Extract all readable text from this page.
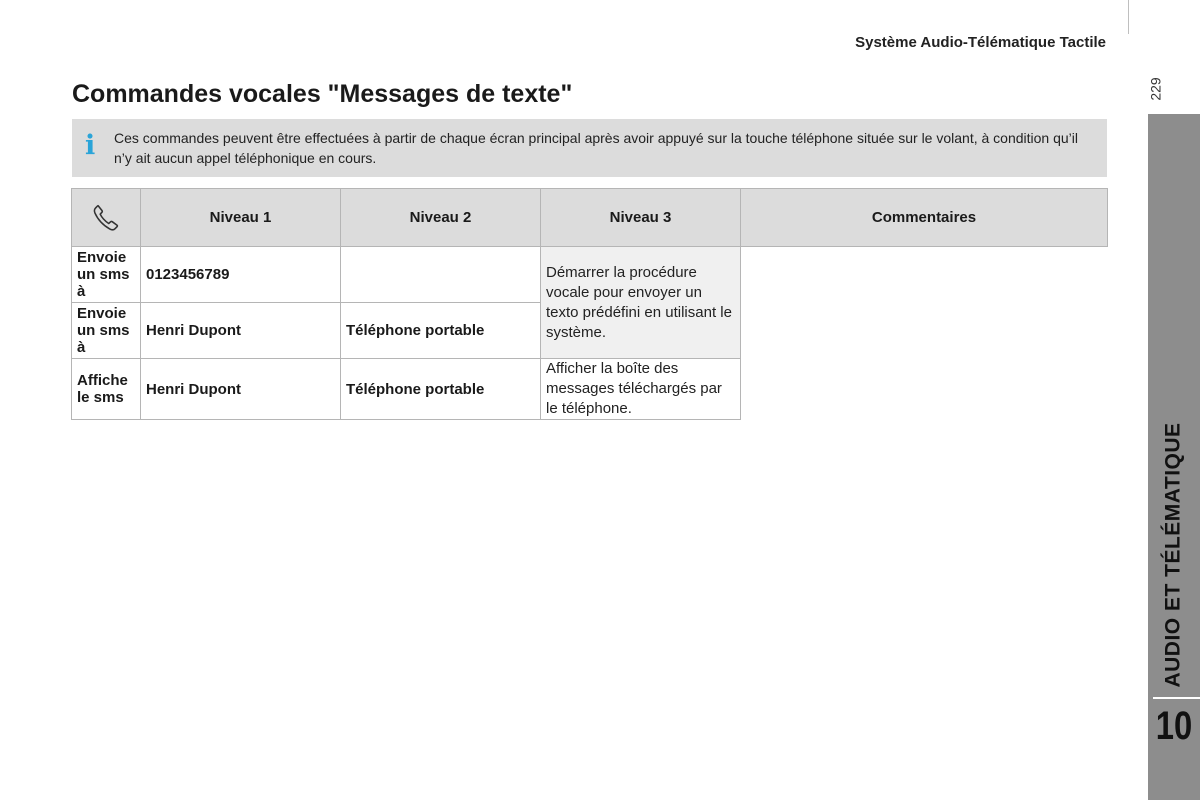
Système Audio-Télématique Tactile
229
AUDIO ET TÉLÉMATIQUE
10
Commandes vocales "Messages de texte"
i Ces commandes peuvent être effectuées à partir de chaque écran principal après avoir appuyé sur la touche téléphone située sur le volant, à condition qu’il n’y ait aucun appel téléphonique en cours.
	Niveau 1	Niveau 2	Niveau 3	Commentaires
Envoie un sms à	0123456789		Démarrer la procédure vocale pour envoyer un texto prédéfini en utilisant le système.	
Envoie un sms à	Henri Dupont	Téléphone portable		
Affiche le sms	Henri Dupont	Téléphone portable	Afficher la boîte des messages téléchargés par le téléphone.	
